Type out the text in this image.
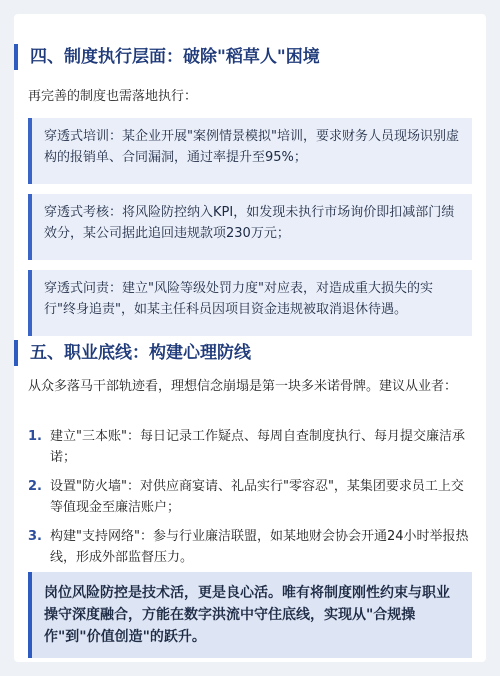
四、制度执行层面：破除"稻草人"困境
再完善的制度也需落地执行：
穿透式培训：某企业开展"案例情景模拟"培训，要求财务人员现场识别虚构的报销单、合同漏洞，通过率提升至95%；
穿透式考核：将风险防控纳入KPI，如发现未执行市场询价即扣减部门绩效分，某公司据此追回违规款项230万元；
穿透式问责：建立"风险等级处罚力度"对应表，对造成重大损失的实行"终身追责"，如某主任科员因项目资金违规被取消退休待遇。
五、职业底线：构建心理防线
从众多落马干部轨迹看，理想信念崩塌是第一块多米诺骨牌。建议从业者：
1. 建立"三本账"：每日记录工作疑点、每周自查制度执行、每月提交廉洁承诺；
2. 设置"防火墙"：对供应商宴请、礼品实行"零容忍"，某集团要求员工上交等值现金至廉洁账户；
3. 构建"支持网络"：参与行业廉洁联盟，如某地财会协会开通24小时举报热线，形成外部监督压力。
岗位风险防控是技术活，更是良心活。唯有将制度刚性约束与职业操守深度融合，方能在数字洪流中守住底线，实现从"合规操作"到"价值创造"的跃升。
